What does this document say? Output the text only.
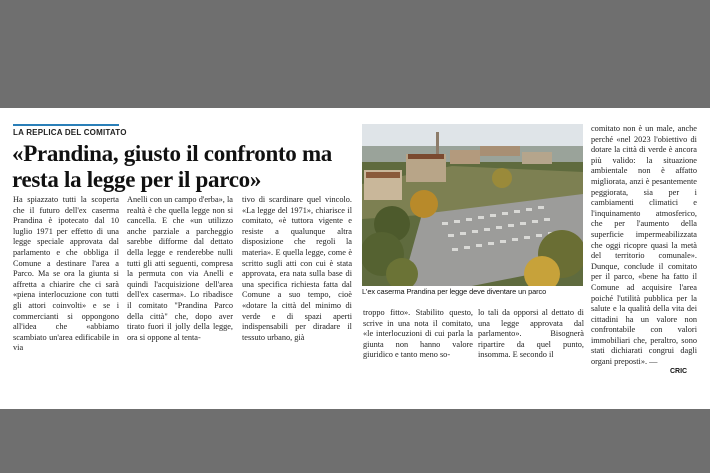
LA REPLICA DEL COMITATO
«Prandina, giusto il confronto ma resta la legge per il parco»
Ha spiazzato tutti la scoperta che il futuro dell'ex caserma Prandina è ipotecato dal 10 luglio 1971 per effetto di una legge speciale approvata dal parlamento e che obbliga il Comune a destinare l'area a Parco. Ma se ora la giunta si affretta a chiarire che ci sarà «piena interlocuzione con tutti gli attori coinvolti» e se i commercianti si oppongono all'idea che «abbiamo scambiato un'area edificabile in via
Anelli con un campo d'erba», la realtà è che quella legge non si cancella. E che «un utilizzo anche parziale a parcheggio sarebbe difforme dal dettato della legge e renderebbe nulli tutti gli atti seguenti, compresa la permuta con via Anelli e quindi l'acquisizione dell'area dell'ex caserma». Lo ribadisce il comitato "Prandina Parco della città" che, dopo aver tirato fuori il jolly della legge, ora si oppone al tenta-
tivo di scardinare quel vincolo. «La legge del 1971», chiarisce il comitato, «è tuttora vigente e resiste a qualunque altra disposizione che regoli la materia». E quella legge, come è scritto sugli atti con cui è stata approvata, era nata sulla base di una specifica richiesta fatta dal Comune a suo tempo, cioè «dotare la città del minimo di verde e di spazi aperti indispensabili per diradare il tessuto urbano, già
L'ex caserma Prandina per legge deve diventare un parco
troppo fitto». Stabilito questo, scrive in una nota il comitato, «le interlocuzioni di cui parla la giunta non hanno valore giuridico e tanto meno so-
lo tali da opporsi al dettato di una legge approvata dal parlamento». Bisognerà ripartire da quel punto, insomma. E secondo il
comitato non è un male, anche perché «nel 2023 l'obiettivo di dotare la città di verde è ancora più valido: la situazione ambientale non è affatto migliorata, anzi è pesantemente peggiorata, sia per i cambiamenti climatici e l'inquinamento atmosferico, che per l'aumento della superficie impermeabilizzata che oggi ricopre quasi la metà del territorio comunale». Dunque, conclude il comitato per il parco, «bene ha fatto il Comune ad acquisire l'area poiché l'utilità pubblica per la salute e la qualità della vita dei cittadini ha un valore non confrontabile con valori immobiliari che, peraltro, sono stati dichiarati congrui dagli organi preposti». —
CRIC
